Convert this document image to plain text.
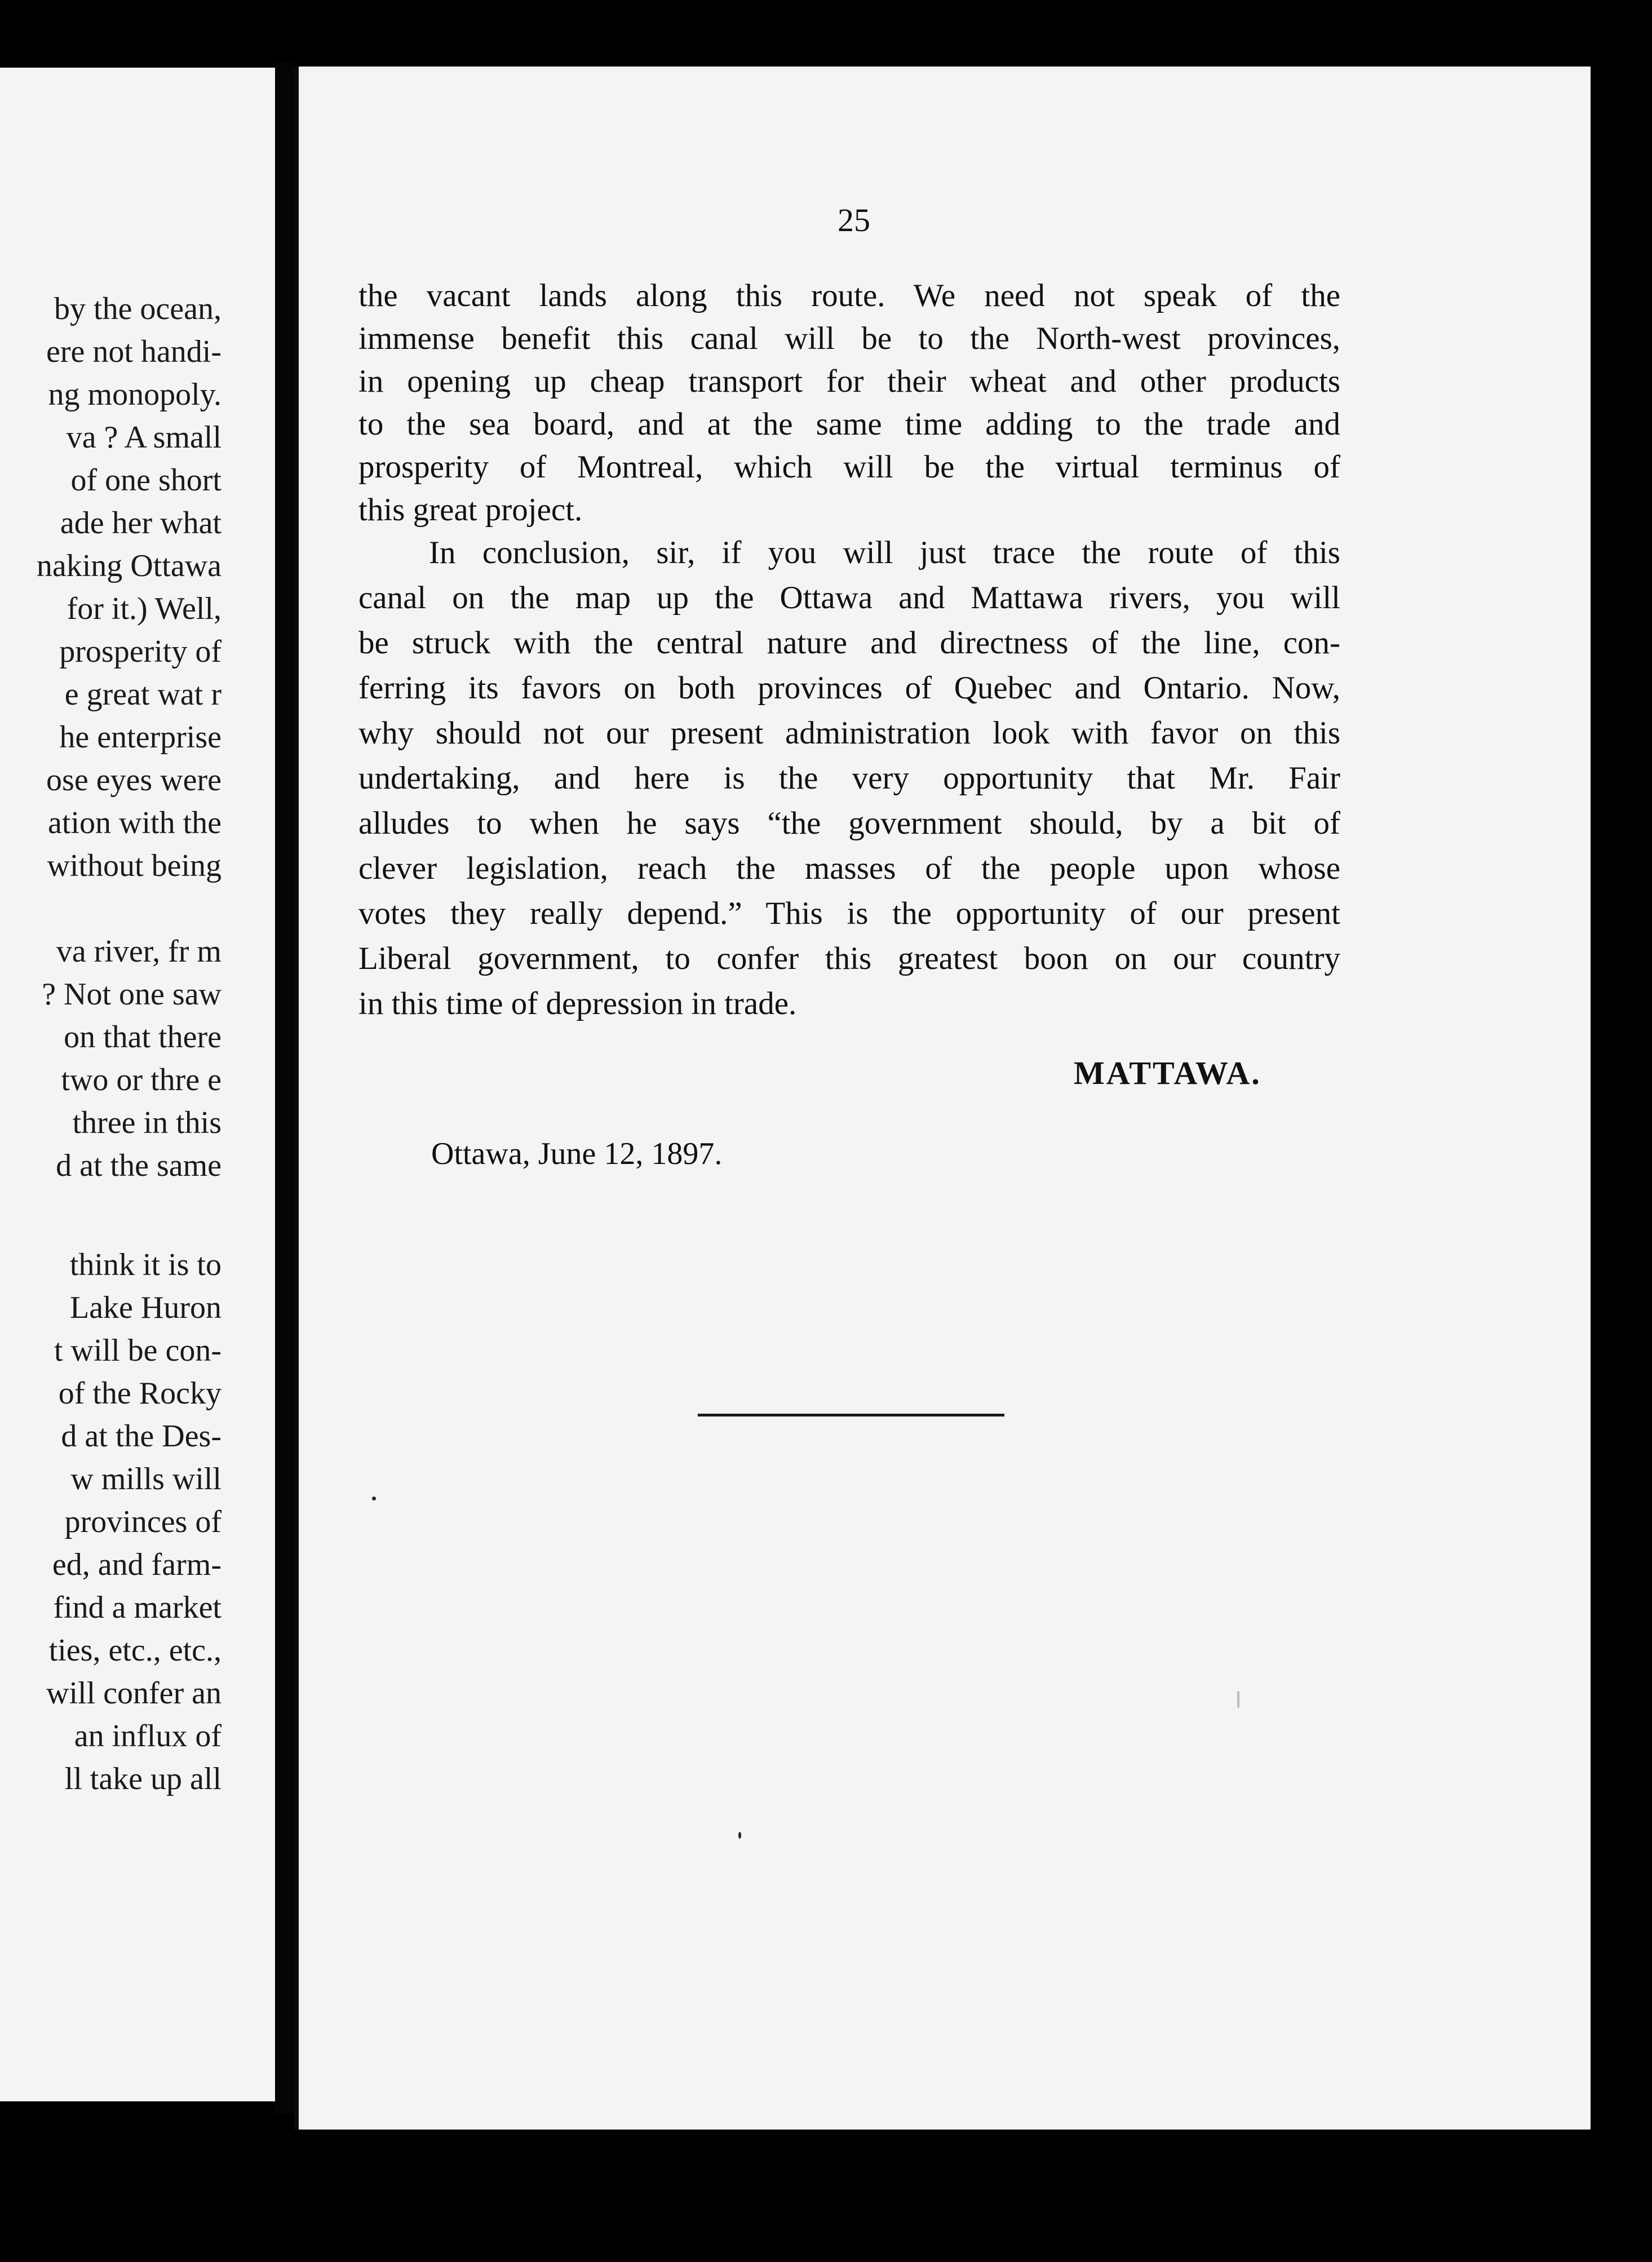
by the ocean,
ere not handi-
ng monopoly.
va ? A small
of one short
ade her what
naking Ottawa
for it.) Well,
prosperity of
e great wat r
he enterprise
ose eyes were
ation with the
without being
va river, fr m
? Not one saw
on that there
two or thre e
three in this
d at the same
think it is to
Lake Huron
t will be con-
of the Rocky
d at the Des-
w mills will
provinces of
ed, and farm-
find a market
ties, etc., etc.,
will confer an
an influx of
ll take up all
25
the vacant lands along this route. We need not speak of the
immense benefit this canal will be to the North-west provinces,
in opening up cheap transport for their wheat and other products
to the sea board, and at the same time adding to the trade and
prosperity of Montreal, which will be the virtual terminus of
this great project.
In conclusion, sir, if you will just trace the route of this
canal on the map up the Ottawa and Mattawa rivers, you will
be struck with the central nature and directness of the line, con-
ferring its favors on both provinces of Quebec and Ontario. Now,
why should not our present administration look with favor on this
undertaking, and here is the very opportunity that Mr. Fair
alludes to when he says “the government should, by a bit of
clever legislation, reach the masses of the people upon whose
votes they really depend.” This is the opportunity of our present
Liberal government, to confer this greatest boon on our country
in this time of depression in trade.
Ottawa, June 12, 1897.
